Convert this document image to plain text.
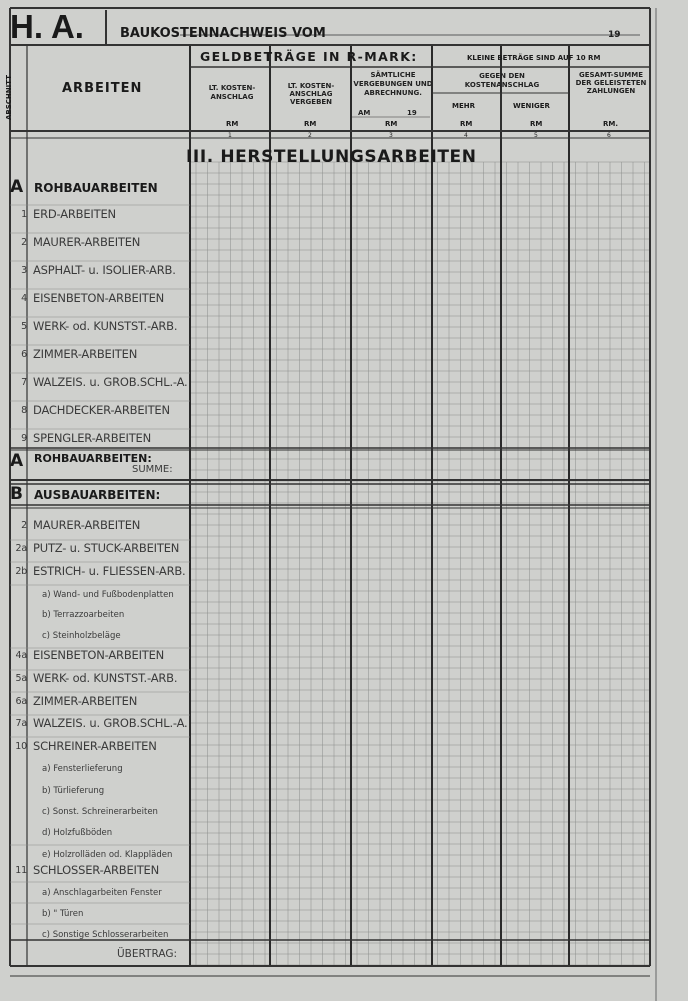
H. A.	BAUKOSTENNACHWEIS VOM	19
ABSCHNITT	ARBEITEN
GELDBETRÄGE IN R-MARK:	KLEINE BETRÄGE SIND AUF 10 RM
LT. KOSTEN-ANSCHLAG
LT. KOSTEN-ANSCHLAG VERGEBEN
SÄMTLICHE VERGEBUNGEN UND ABRECHNUNG.
AM	19
GEGEN DEN KOSTENANSCHLAG
MEHR	WENIGER
GESAMT-SUMME DER GELEISTETEN ZAHLUNGEN
RM	RM	RM	RM	RM	RM.
1	2	3	4	5	6
III. HERSTELLUNGSARBEITEN
A ROHBAUARBEITEN
1 ERD-ARBEITEN
2 MAURER-ARBEITEN
3 ASPHALT- u. ISOLIER-ARB.
4 EISENBETON-ARBEITEN
5 WERK- od. KUNSTST.-ARB.
6 ZIMMER-ARBEITEN
7 WALZEIS. u. GROB.SCHL.-A.
8 DACHDECKER-ARBEITEN
9 SPENGLER-ARBEITEN
A ROHBAUARBEITEN:
SUMME:
B AUSBAUARBEITEN:
2 MAURER-ARBEITEN
2a PUTZ- u. STUCK-ARBEITEN
2b ESTRICH- u. FLIESSEN-ARB.
a) Wand- und Fußbodenplatten
b) Terrazzoarbeiten
c) Steinholzbeläge
4a EISENBETON-ARBEITEN
5a WERK- od. KUNSTST.-ARB.
6a ZIMMER-ARBEITEN
7a WALZEIS. u. GROB.SCHL.-A.
10 SCHREINER-ARBEITEN
a) Fensterlieferung
b) Türlieferung
c) Sonst. Schreinerarbeiten
d) Holzfußböden
e) Holzrolläden od. Klappläden
11 SCHLOSSER-ARBEITEN
a) Anschlagarbeiten Fenster
b) " Türen
c) Sonstige Schlosserarbeiten
ÜBERTRAG:
